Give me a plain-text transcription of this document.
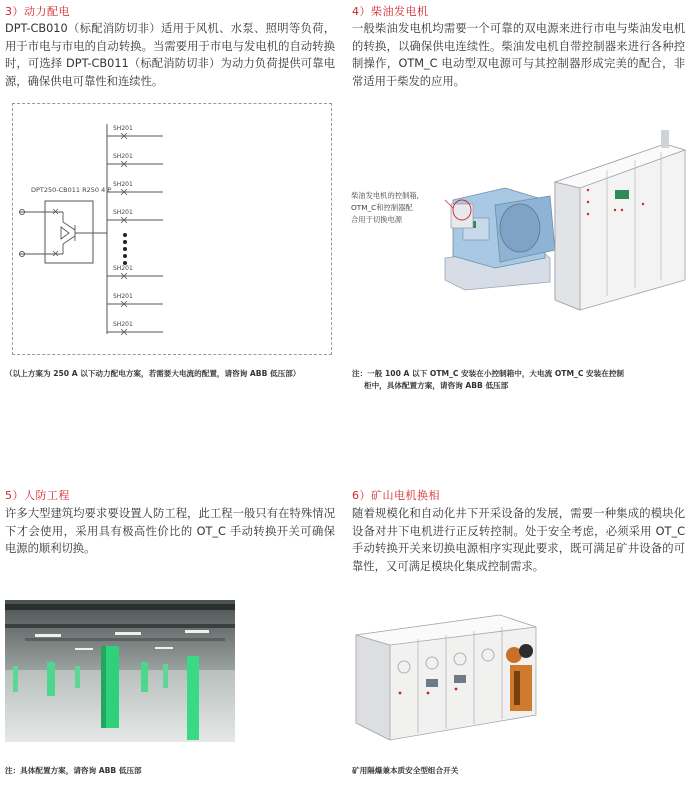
3）动力配电
DPT-CB010（标配消防切非）适用于风机、水泵、照明等负荷，用于市电与市电的自动转换。当需要用于市电与发电机的自动转换时，可选择 DPT-CB011（标配消防切非）为动力负荷提供可靠电源，确保供电可靠性和连续性。
SH201
SH201
SH201
SH201
SH201
SH201
SH201
DPT250-CB011 R250 4 P
（以上方案为 250 A 以下动力配电方案，若需要大电流的配置，请咨询 ABB 低压部）
4）柴油发电机
一般柴油发电机均需要一个可靠的双电源来进行市电与柴油发电机的转换，以确保供电连续性。柴油发电机自带控制器来进行各种控制操作，OTM_C 电动型双电源可与其控制器形成完美的配合，非常适用于柴发的应用。
柴油发电机的控制箱,
OTM_C和控制器配
合用于切换电源
注：一般 100 A 以下 OTM_C 安装在小控制箱中，大电流 OTM_C 安装在控制
柜中，具体配置方案，请咨询 ABB 低压部
5）人防工程
许多大型建筑均要求要设置人防工程，此工程一般只有在特殊情况下才会使用，采用具有极高性价比的 OT_C 手动转换开关可确保电源的顺利切换。
注：具体配置方案，请咨询 ABB 低压部
6）矿山电机换相
随着规模化和自动化井下开采设备的发展，需要一种集成的模块化设备对井下电机进行正反转控制。处于安全考虑，必须采用 OT_C 手动转换开关来切换电源相序实现此要求，既可满足矿井设备的可靠性，又可满足模块化集成控制需求。
矿用隔爆兼本质安全型组合开关
